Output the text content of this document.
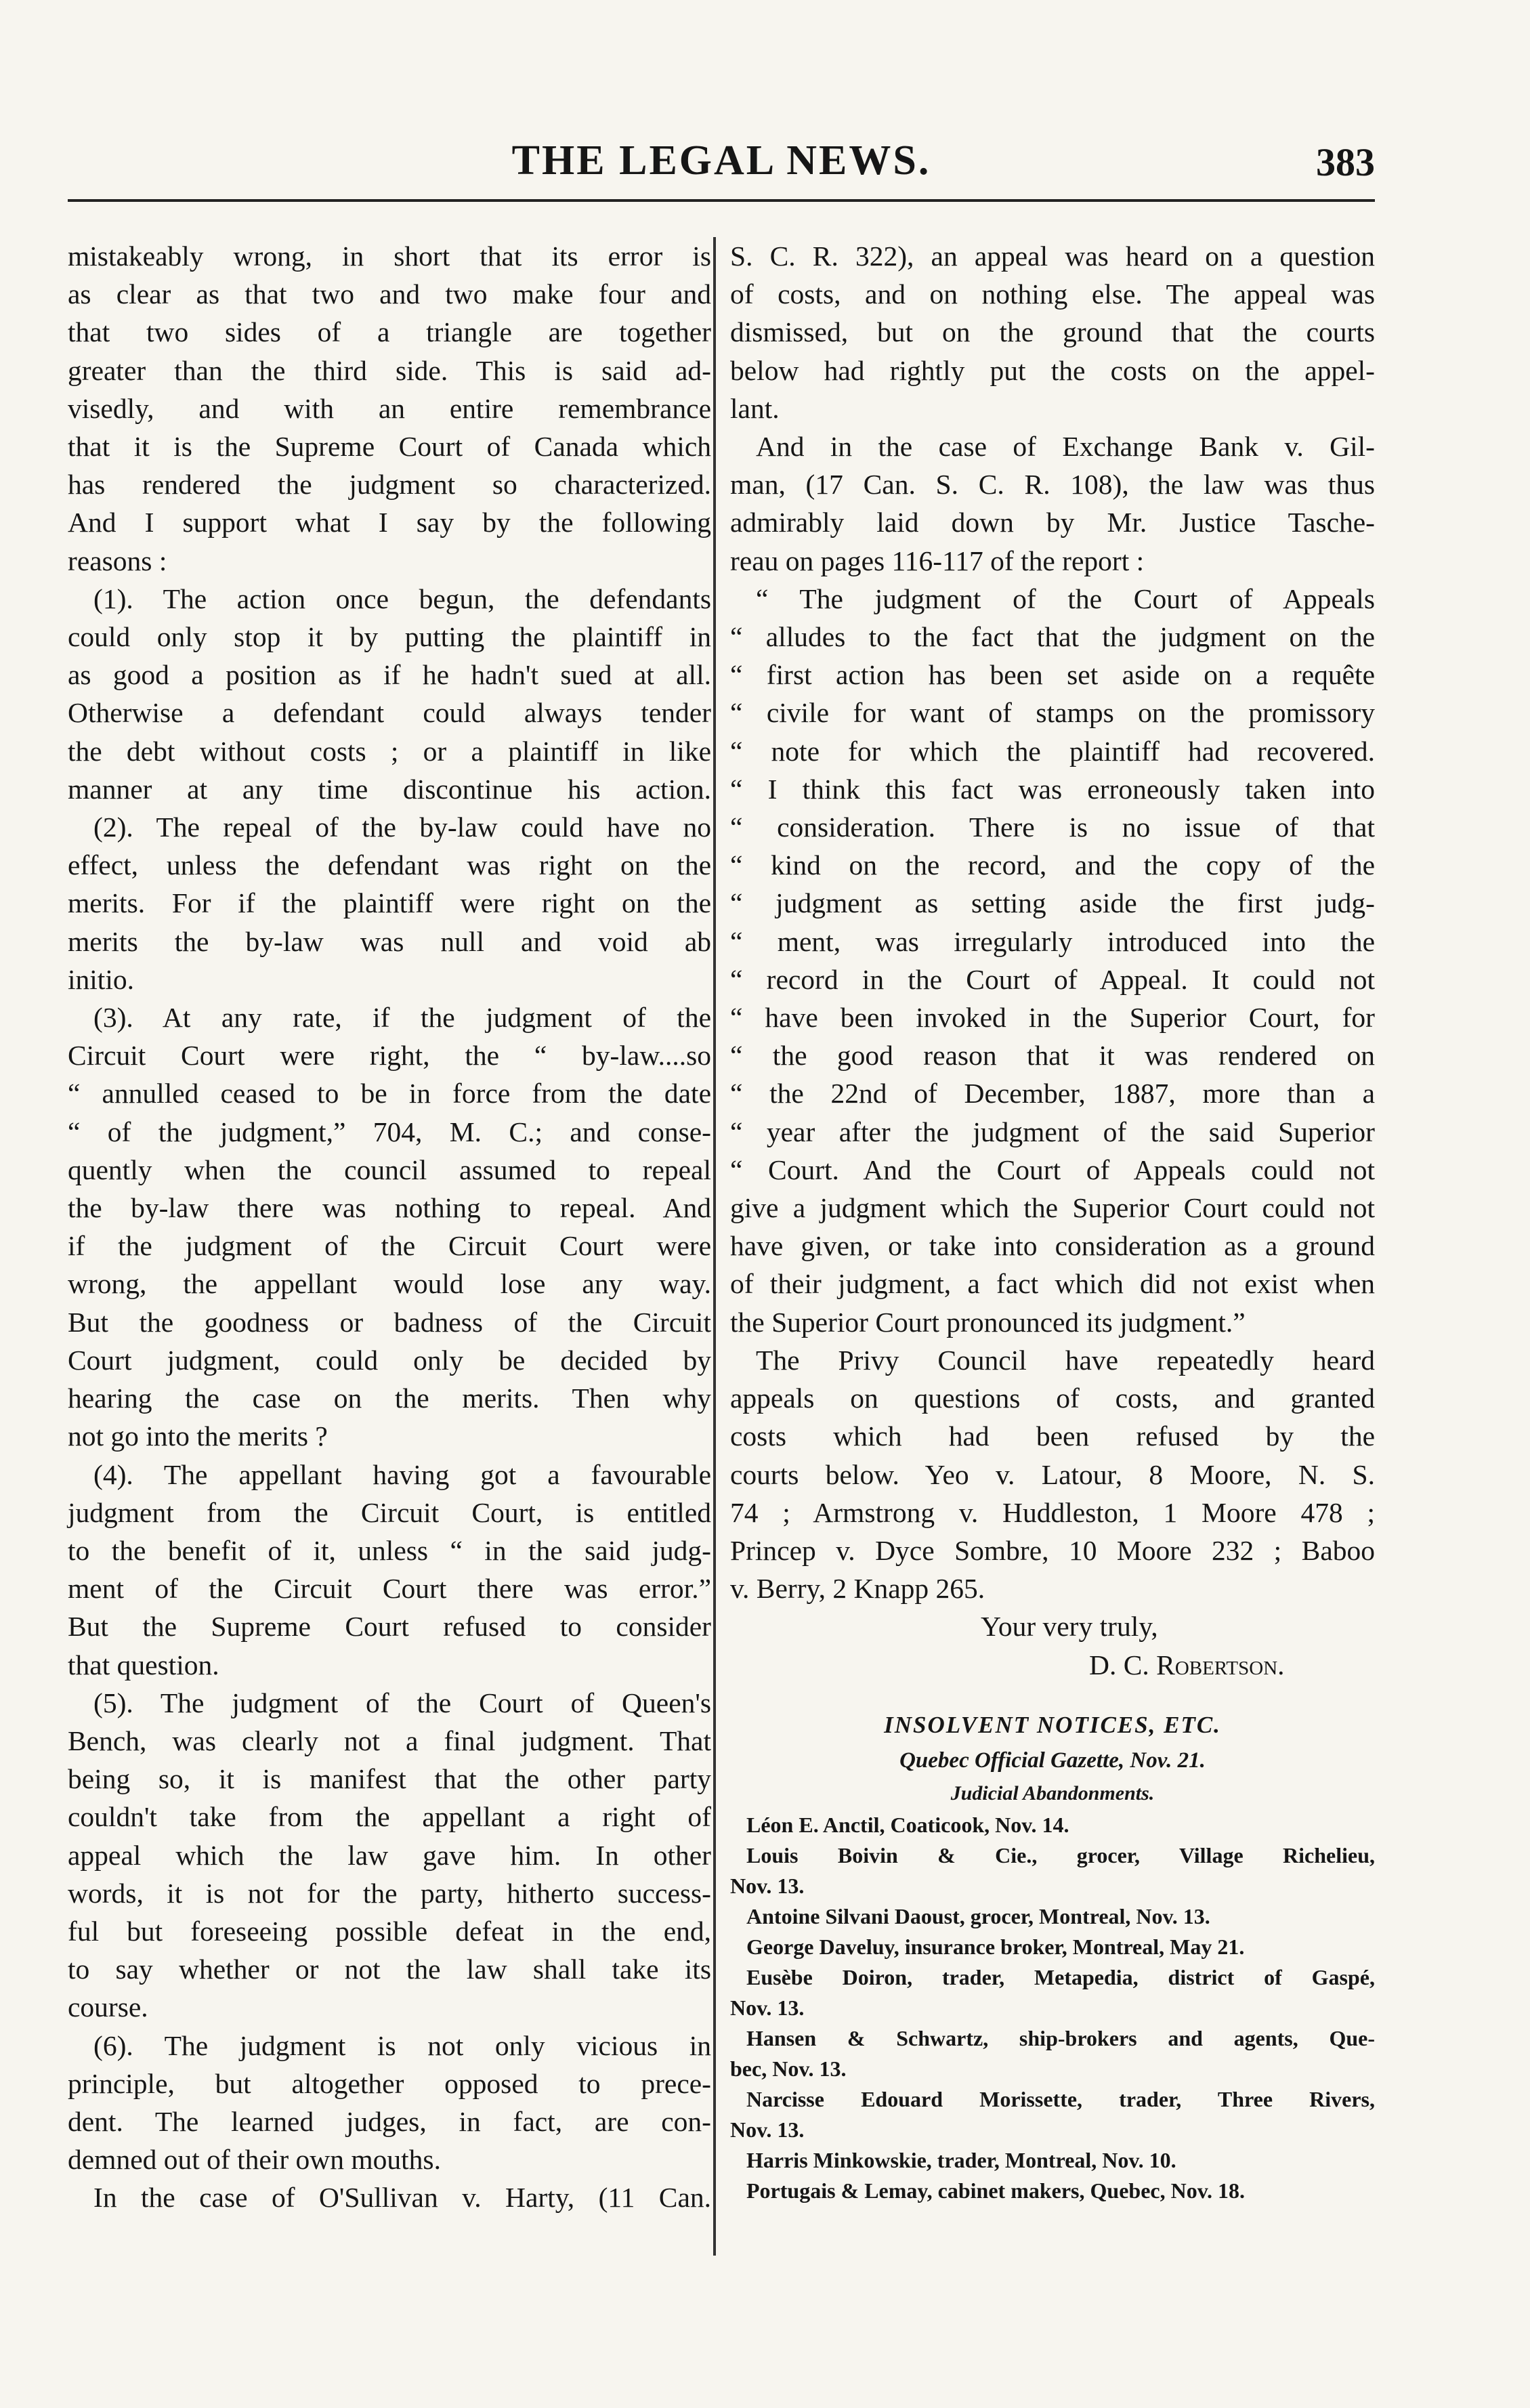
THE LEGAL NEWS.	383
mistakeably wrong, in short that its error is
as clear as that two and two make four and
that two sides of a triangle are together
greater than the third side. This is said ad-
visedly, and with an entire remembrance
that it is the Supreme Court of Canada which
has rendered the judgment so characterized.
And I support what I say by the following
reasons :
(1). The action once begun, the defendants
could only stop it by putting the plaintiff in
as good a position as if he hadn't sued at all.
Otherwise a defendant could always tender
the debt without costs ; or a plaintiff in like
manner at any time discontinue his action.
(2). The repeal of the by-law could have no
effect, unless the defendant was right on the
merits. For if the plaintiff were right on the
merits the by-law was null and void ab
initio.
(3). At any rate, if the judgment of the
Circuit Court were right, the “ by-law....so
“ annulled ceased to be in force from the date
“ of the judgment,” 704, M. C.; and conse-
quently when the council assumed to repeal
the by-law there was nothing to repeal. And
if the judgment of the Circuit Court were
wrong, the appellant would lose any way.
But the goodness or badness of the Circuit
Court judgment, could only be decided by
hearing the case on the merits. Then why
not go into the merits ?
(4). The appellant having got a favourable
judgment from the Circuit Court, is entitled
to the benefit of it, unless “ in the said judg-
ment of the Circuit Court there was error.”
But the Supreme Court refused to consider
that question.
(5). The judgment of the Court of Queen's
Bench, was clearly not a final judgment. That
being so, it is manifest that the other party
couldn't take from the appellant a right of
appeal which the law gave him. In other
words, it is not for the party, hitherto success-
ful but foreseeing possible defeat in the end,
to say whether or not the law shall take its
course.
(6). The judgment is not only vicious in
principle, but altogether opposed to prece-
dent. The learned judges, in fact, are con-
demned out of their own mouths.
In the case of O'Sullivan v. Harty, (11 Can.
S. C. R. 322), an appeal was heard on a question
of costs, and on nothing else. The appeal was
dismissed, but on the ground that the courts
below had rightly put the costs on the appel-
lant.
And in the case of Exchange Bank v. Gil-
man, (17 Can. S. C. R. 108), the law was thus
admirably laid down by Mr. Justice Tasche-
reau on pages 116-117 of the report :
“ The judgment of the Court of Appeals
“ alludes to the fact that the judgment on the
“ first action has been set aside on a requête
“ civile for want of stamps on the promissory
“ note for which the plaintiff had recovered.
“ I think this fact was erroneously taken into
“ consideration. There is no issue of that
“ kind on the record, and the copy of the
“ judgment as setting aside the first judg-
“ ment, was irregularly introduced into the
“ record in the Court of Appeal. It could not
“ have been invoked in the Superior Court, for
“ the good reason that it was rendered on
“ the 22nd of December, 1887, more than a
“ year after the judgment of the said Superior
“ Court. And the Court of Appeals could not
give a judgment which the Superior Court could not
have given, or take into consideration as a ground
of their judgment, a fact which did not exist when
the Superior Court pronounced its judgment.”
The Privy Council have repeatedly heard
appeals on questions of costs, and granted
costs which had been refused by the
courts below. Yeo v. Latour, 8 Moore, N. S.
74 ; Armstrong v. Huddleston, 1 Moore 478 ;
Princep v. Dyce Sombre, 10 Moore 232 ; Baboo
v. Berry, 2 Knapp 265.
Your very truly,
D. C. Robertson.
INSOLVENT NOTICES, ETC.
Quebec Official Gazette, Nov. 21.
Judicial Abandonments.
Léon E. Anctil, Coaticook, Nov. 14.
Louis Boivin & Cie., grocer, Village Richelieu,
Nov. 13.
Antoine Silvani Daoust, grocer, Montreal, Nov. 13.
George Daveluy, insurance broker, Montreal, May 21.
Eusèbe Doiron, trader, Metapedia, district of Gaspé,
Nov. 13.
Hansen & Schwartz, ship-brokers and agents, Que-
bec, Nov. 13.
Narcisse Edouard Morissette, trader, Three Rivers,
Nov. 13.
Harris Minkowskie, trader, Montreal, Nov. 10.
Portugais & Lemay, cabinet makers, Quebec, Nov. 18.
